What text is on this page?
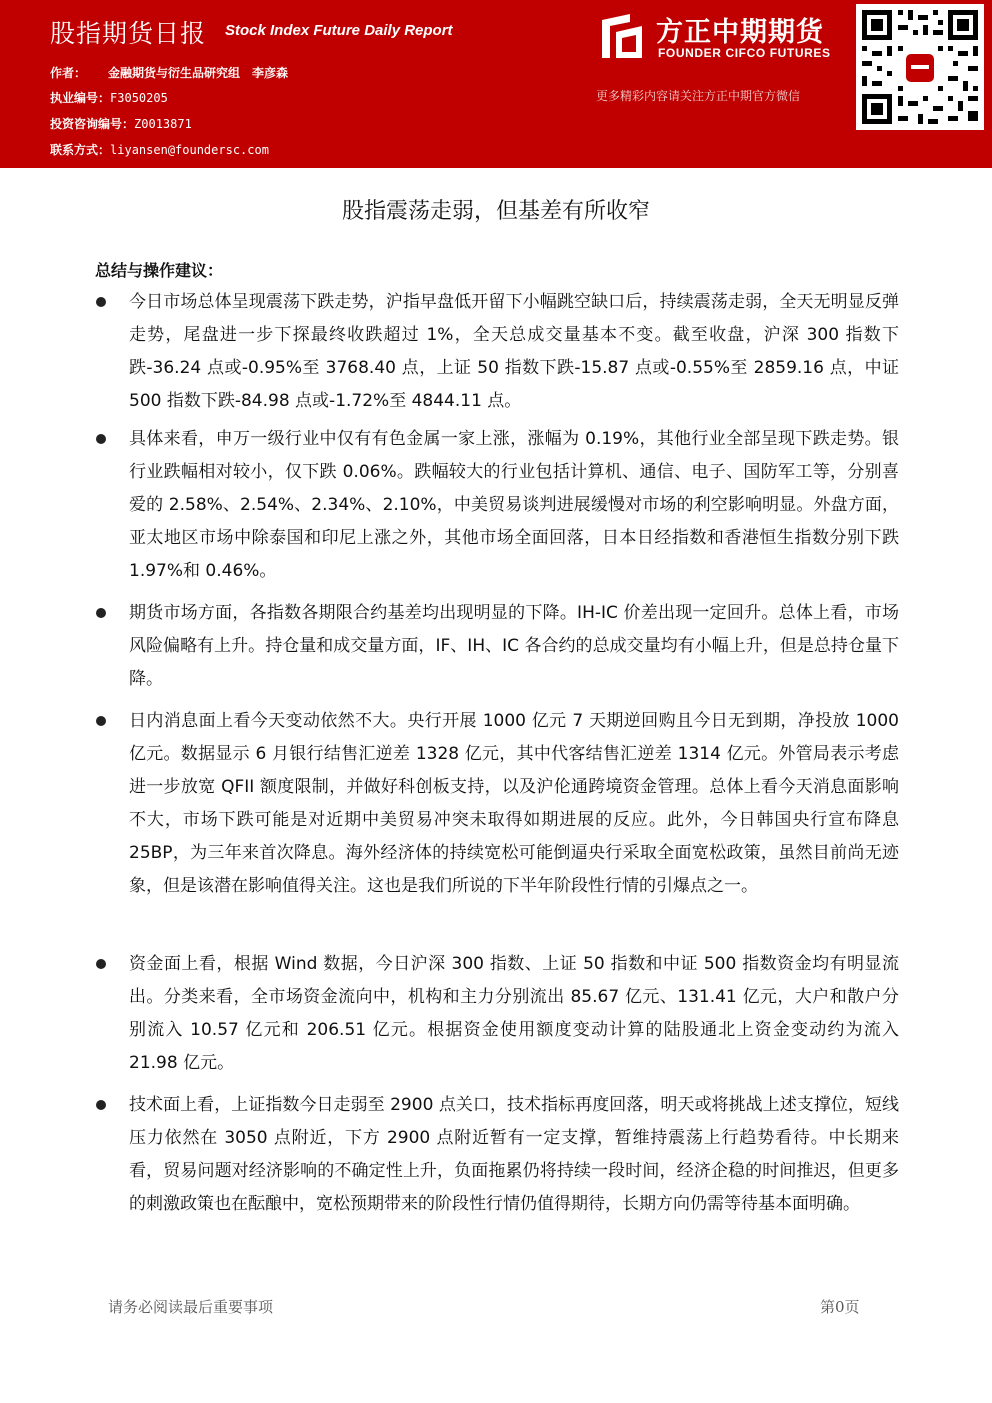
股指期货日报 Stock Index Future Daily Report
作者： 金融期货与衍生品研究组　李彦森
执业编号：F3050205
投资咨询编号：Z0013871
联系方式：liyansen@foundersc.com
方正中期期货
FOUNDER CIFCO FUTURES
更多精彩内容请关注方正中期官方微信
股指震荡走弱，但基差有所收窄
总结与操作建议：
今日市场总体呈现震荡下跌走势，沪指早盘低开留下小幅跳空缺口后，持续震荡走弱，全天无明显反弹走势，尾盘进一步下探最终收跌超过 1%，全天总成交量基本不变。截至收盘，沪深 300 指数下跌-36.24 点或-0.95%至 3768.40 点，上证 50 指数下跌-15.87 点或-0.55%至 2859.16 点，中证 500 指数下跌-84.98 点或-1.72%至 4844.11 点。
具体来看，申万一级行业中仅有有色金属一家上涨，涨幅为 0.19%，其他行业全部呈现下跌走势。银行业跌幅相对较小，仅下跌 0.06%。跌幅较大的行业包括计算机、通信、电子、国防军工等，分别喜爱的 2.58%、2.54%、2.34%、2.10%，中美贸易谈判进展缓慢对市场的利空影响明显。外盘方面，亚太地区市场中除泰国和印尼上涨之外，其他市场全面回落，日本日经指数和香港恒生指数分别下跌 1.97%和 0.46%。
期货市场方面，各指数各期限合约基差均出现明显的下降。IH-IC 价差出现一定回升。总体上看，市场风险偏略有上升。持仓量和成交量方面，IF、IH、IC 各合约的总成交量均有小幅上升，但是总持仓量下降。
日内消息面上看今天变动依然不大。央行开展 1000 亿元 7 天期逆回购且今日无到期，净投放 1000 亿元。数据显示 6 月银行结售汇逆差 1328 亿元，其中代客结售汇逆差 1314 亿元。外管局表示考虑进一步放宽 QFII 额度限制，并做好科创板支持，以及沪伦通跨境资金管理。总体上看今天消息面影响不大，市场下跌可能是对近期中美贸易冲突未取得如期进展的反应。此外，今日韩国央行宣布降息 25BP，为三年来首次降息。海外经济体的持续宽松可能倒逼央行采取全面宽松政策，虽然目前尚无迹象，但是该潜在影响值得关注。这也是我们所说的下半年阶段性行情的引爆点之一。
资金面上看，根据 Wind 数据，今日沪深 300 指数、上证 50 指数和中证 500 指数资金均有明显流出。分类来看，全市场资金流向中，机构和主力分别流出 85.67 亿元、131.41 亿元，大户和散户分别流入 10.57 亿元和 206.51 亿元。根据资金使用额度变动计算的陆股通北上资金变动约为流入 21.98 亿元。
技术面上看，上证指数今日走弱至 2900 点关口，技术指标再度回落，明天或将挑战上述支撑位，短线压力依然在 3050 点附近，下方 2900 点附近暂有一定支撑，暂维持震荡上行趋势看待。中长期来看，贸易问题对经济影响的不确定性上升，负面拖累仍将持续一段时间，经济企稳的时间推迟，但更多的刺激政策也在酝酿中，宽松预期带来的阶段性行情仍值得期待，长期方向仍需等待基本面明确。
请务必阅读最后重要事项	第0页
